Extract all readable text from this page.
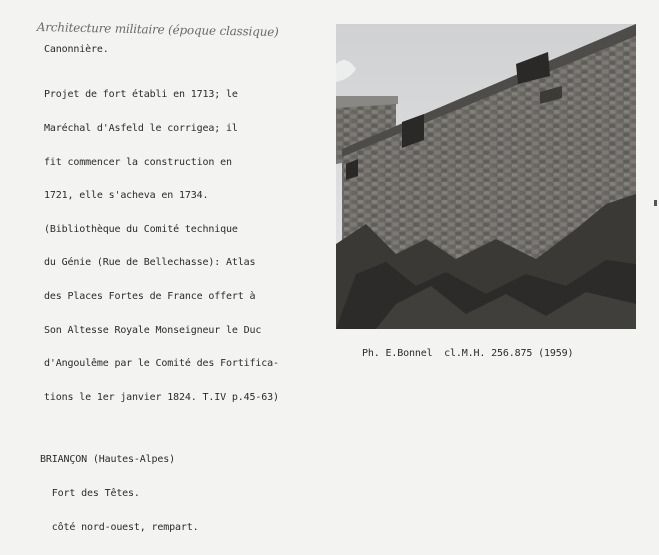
Architecture militaire (époque classique)
Canonnière.

Projet de fort établi en 1713; le

Maréchal d'Asfeld le corrigea; il

fit commencer la construction en

1721, elle s'acheva en 1734.

(Bibliothèque du Comité technique

du Génie (Rue de Bellechasse): Atlas

des Places Fortes de France offert à

Son Altesse Royale Monseigneur le Duc

d'Angoulême par le Comité des Fortifica-

tions le 1er janvier 1824. T.IV p.45-63)

Ph. E.Bonnel  cl.M.H. 256.875 (1959)

BRIANÇON (Hautes-Alpes)

Fort des Têtes.

côté nord-ouest, rempart.
